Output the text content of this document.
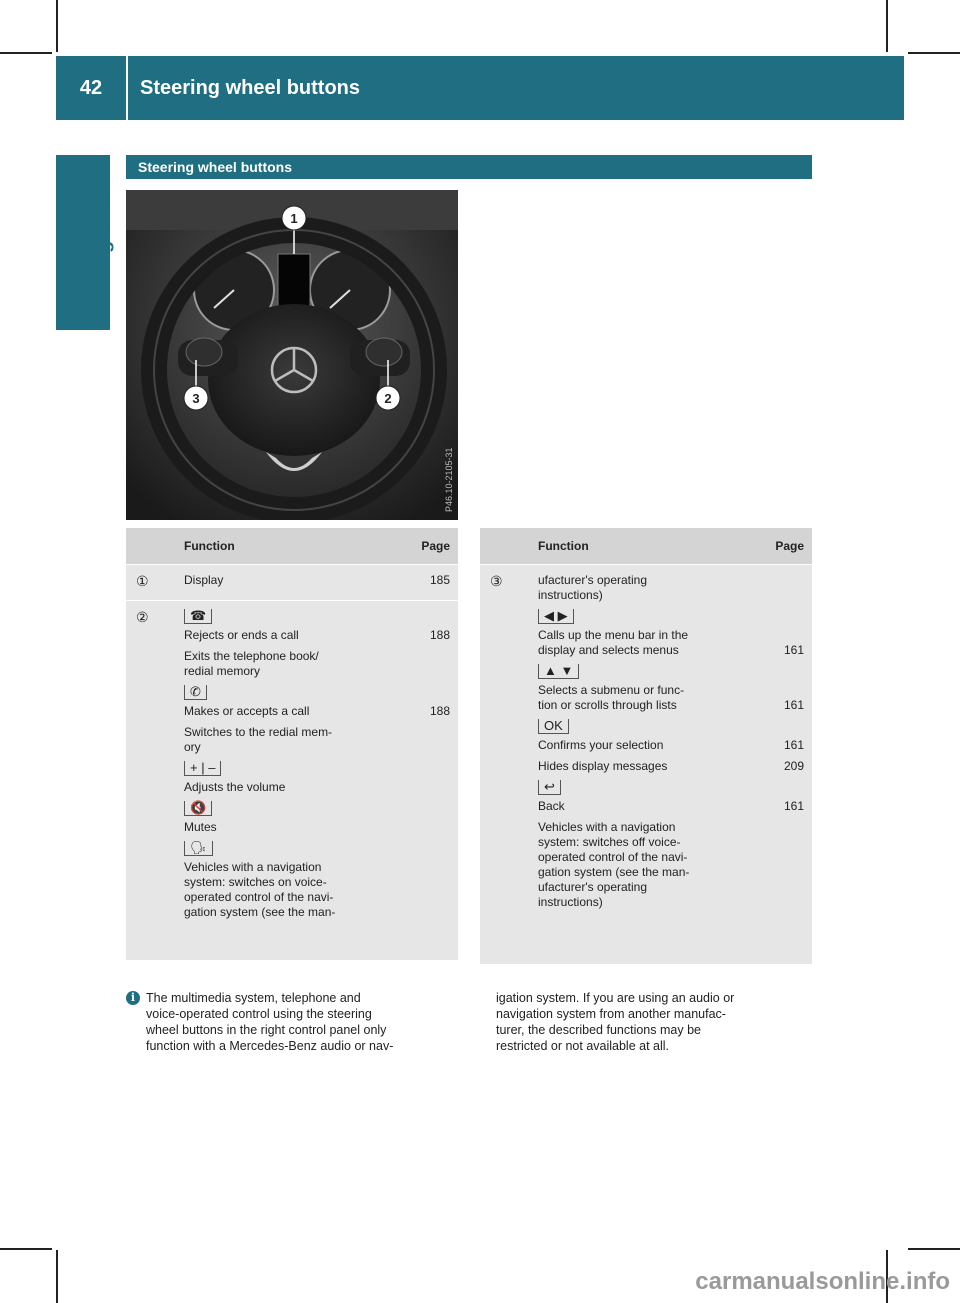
42	Steering wheel buttons
At a glance
Steering wheel buttons
1
2
3
P46.10-2105-31
Function	Page
①	Display	185
②	☎
Rejects or ends a call	188
Exits the telephone book/
redial memory
✆
Makes or accepts a call	188
Switches to the redial mem-
ory
+ | –
Adjusts the volume
🔇
Mutes
🗣
Vehicles with a navigation
system: switches on voice-
operated control of the navi-
gation system (see the man-
Function	Page
③	ufacturer's operating
instructions)
◀ ▶
Calls up the menu bar in the
display and selects menus	161
▲ ▼
Selects a submenu or func-
tion or scrolls through lists	161
OK
Confirms your selection	161
Hides display messages	209
↩
Back	161
Vehicles with a navigation
system: switches off voice-
operated control of the navi-
gation system (see the man-
ufacturer's operating
instructions)
i The multimedia system, telephone and
voice-operated control using the steering
wheel buttons in the right control panel only
function with a Mercedes-Benz audio or nav-
igation system. If you are using an audio or
navigation system from another manufac-
turer, the described functions may be
restricted or not available at all.
carmanualsonline.info
